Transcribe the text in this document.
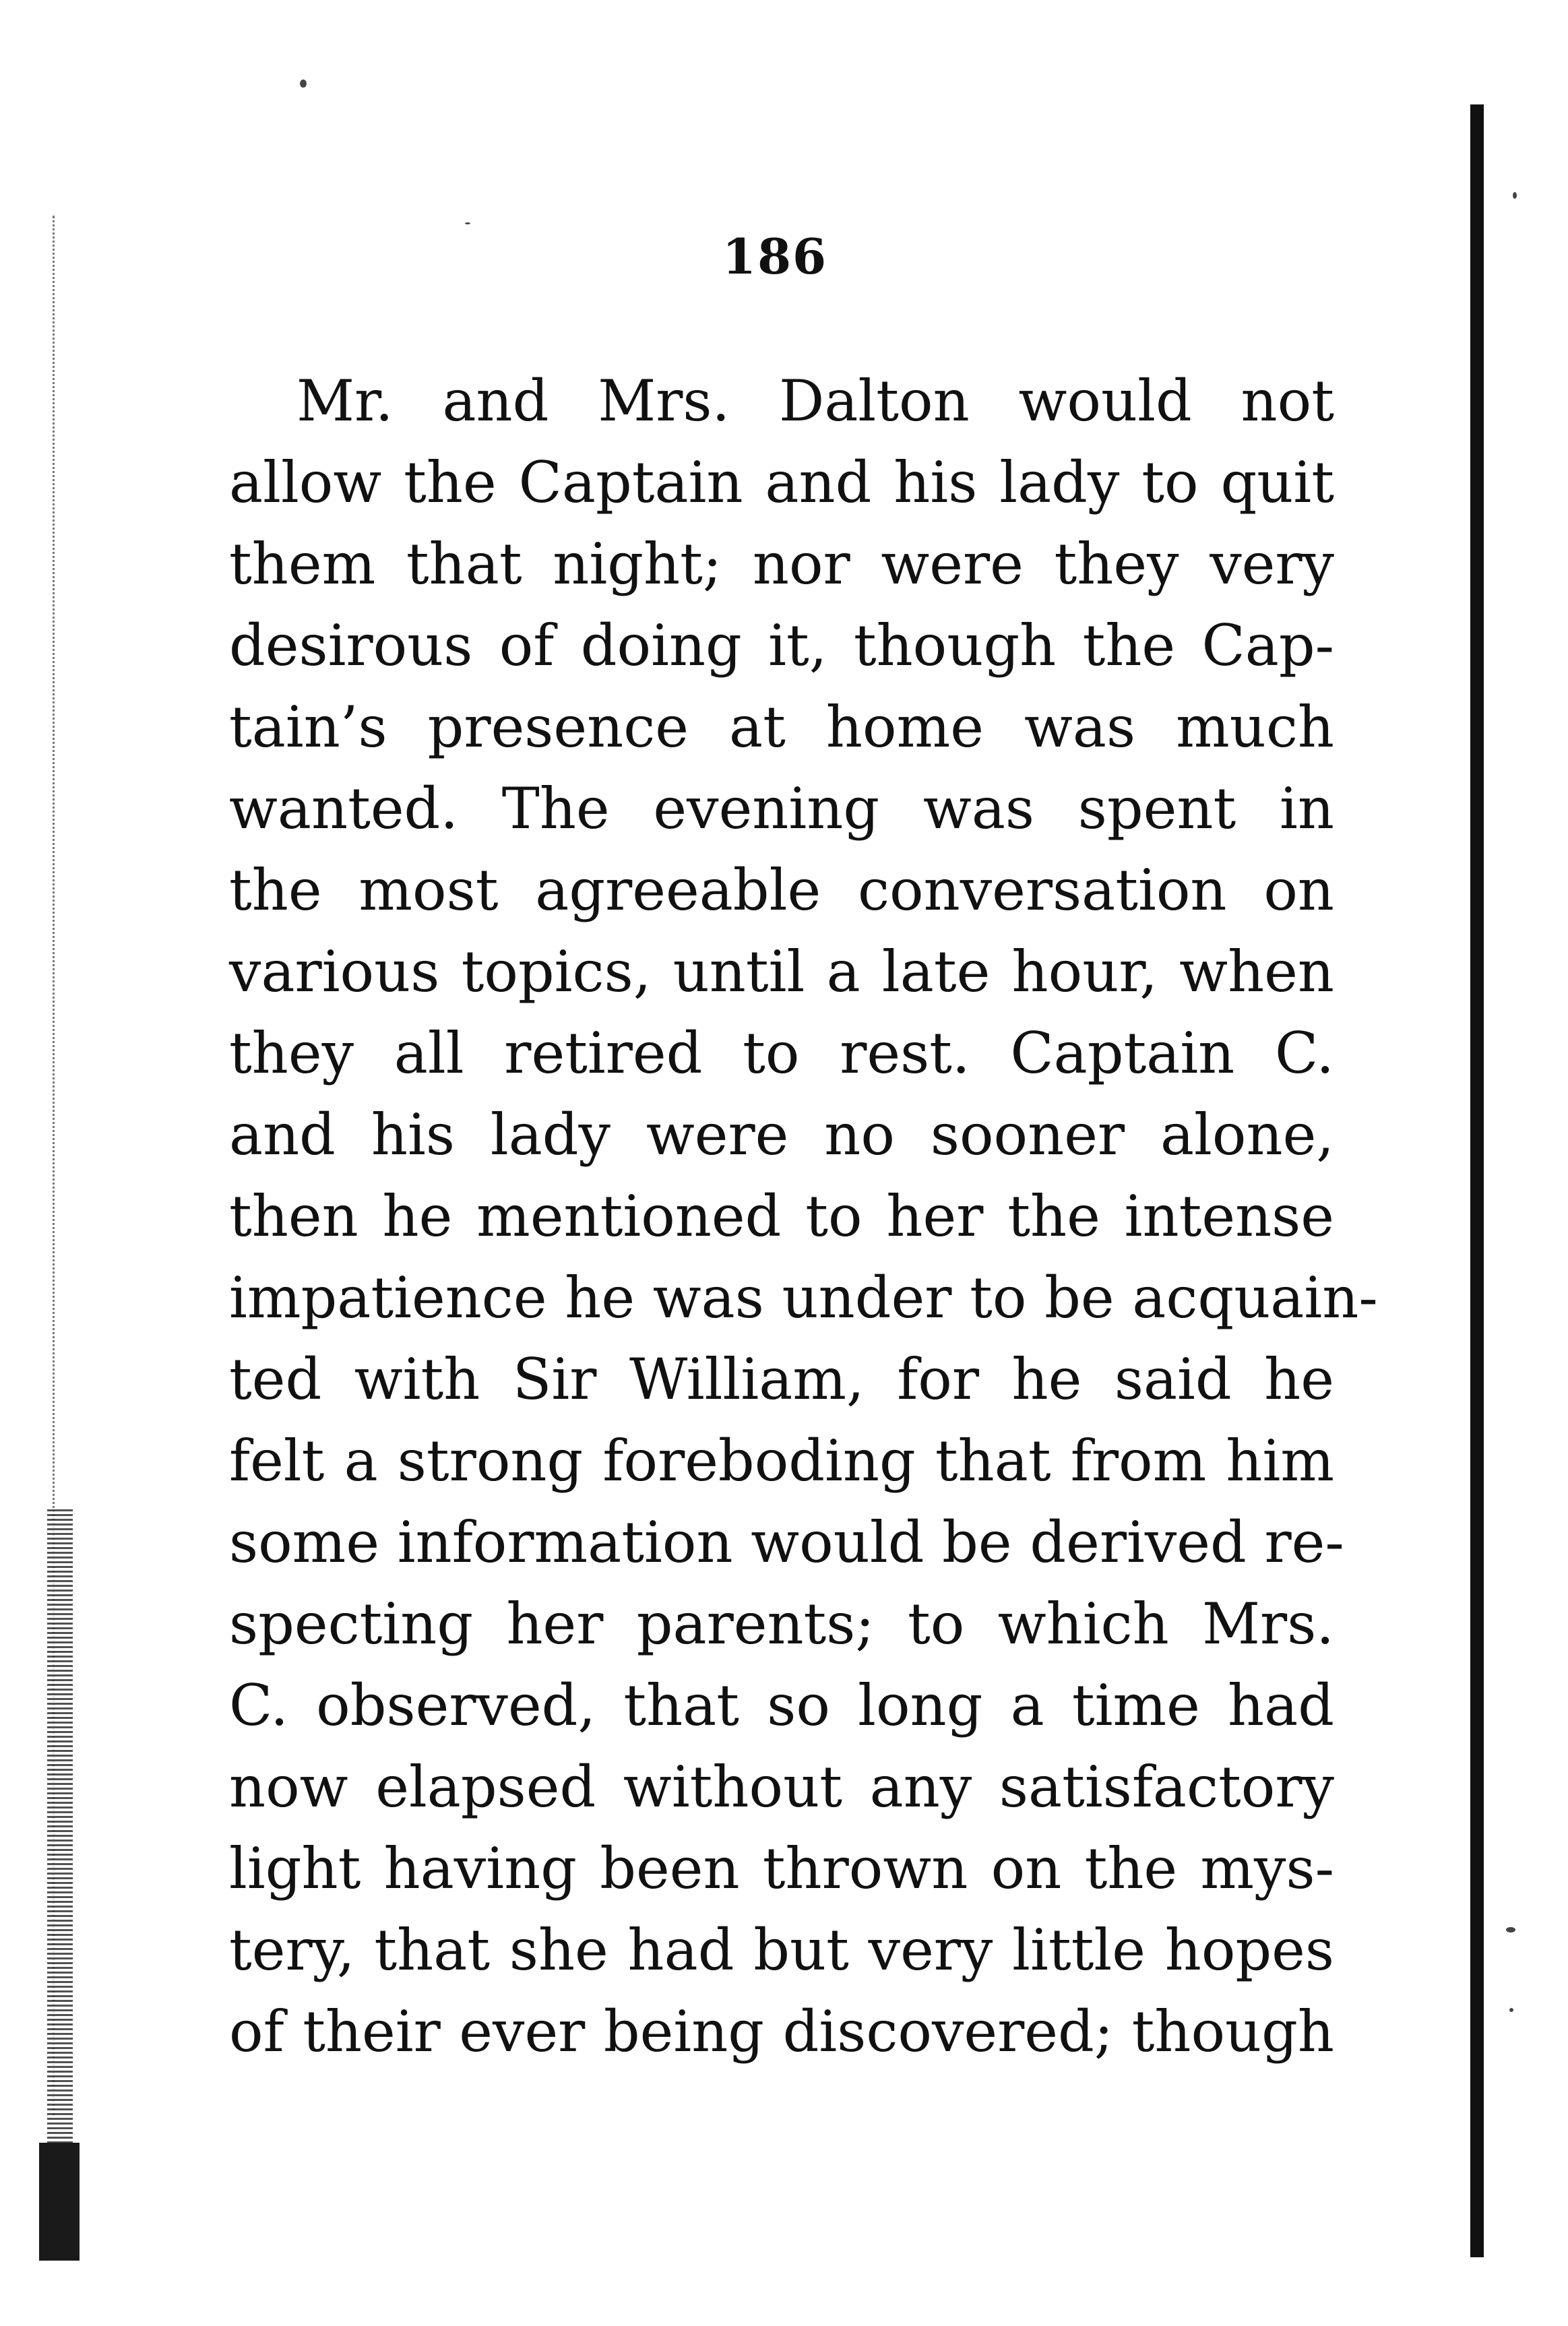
186
Mr. and Mrs. Dalton would not
allow the Captain and his lady to quit
them that night; nor were they very
desirous of doing it, though the Cap-
tain’s presence at home was much
wanted. The evening was spent in
the most agreeable conversation on
various topics, until a late hour, when
they all retired to rest. Captain C.
and his lady were no sooner alone,
then he mentioned to her the intense
impatience he was under to be acquain-
ted with Sir William, for he said he
felt a strong foreboding that from him
some information would be derived re-
specting her parents; to which Mrs.
C. observed, that so long a time had
now elapsed without any satisfactory
light having been thrown on the mys-
tery, that she had but very little hopes
of their ever being discovered; though
